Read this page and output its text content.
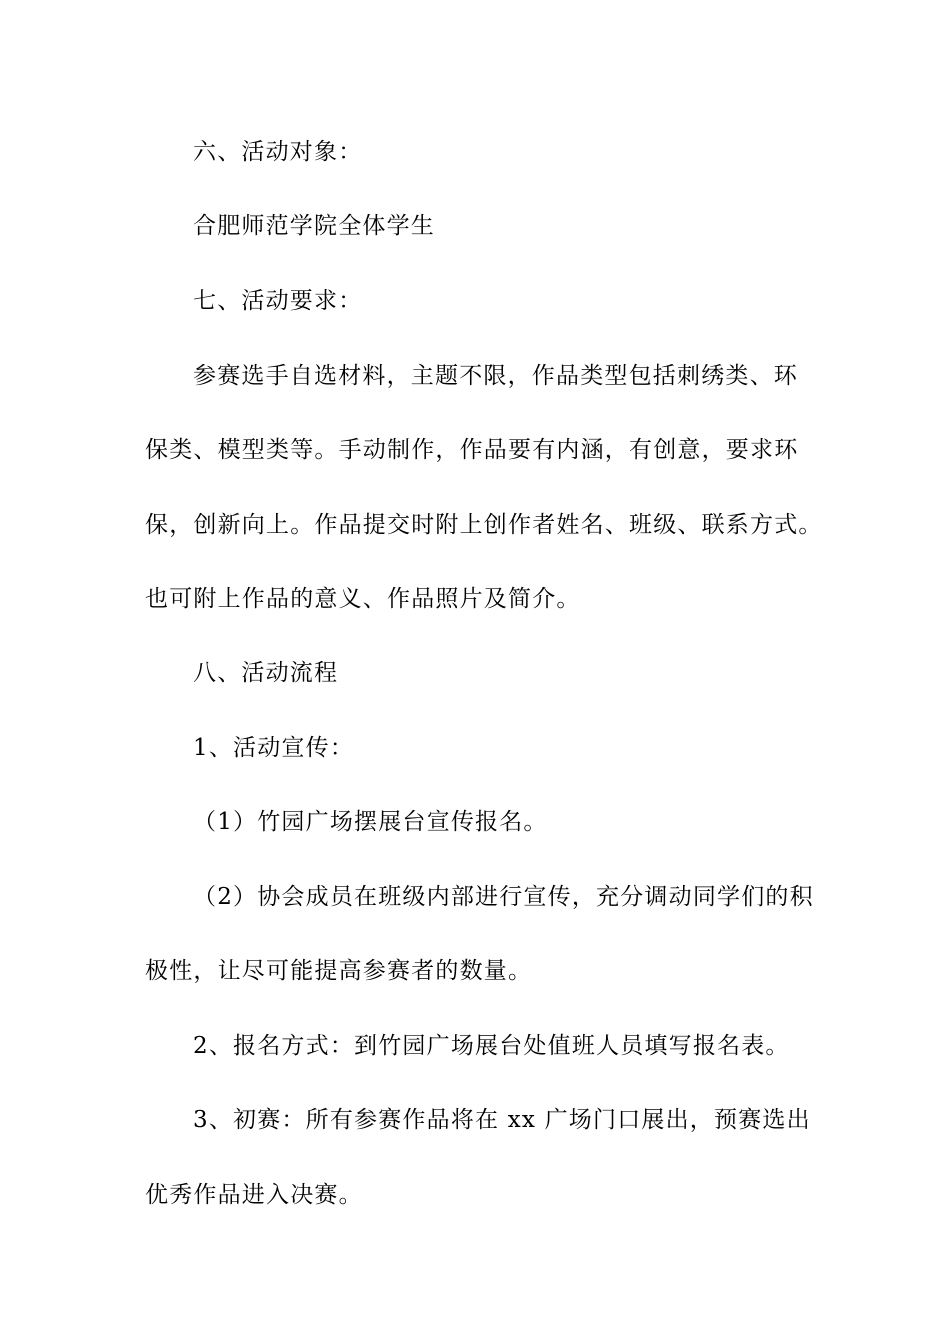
六、活动对象：
合肥师范学院全体学生
七、活动要求：
参赛选手自选材料，主题不限，作品类型包括刺绣类、环
保类、模型类等。手动制作，作品要有内涵，有创意，要求环
保，创新向上。作品提交时附上创作者姓名、班级、联系方式。
也可附上作品的意义、作品照片及简介。
八、活动流程
1、活动宣传：
（1）竹园广场摆展台宣传报名。
（2）协会成员在班级内部进行宣传，充分调动同学们的积
极性，让尽可能提高参赛者的数量。
2、报名方式：到竹园广场展台处值班人员填写报名表。
3、初赛：所有参赛作品将在 xx 广场门口展出，预赛选出
优秀作品进入决赛。
